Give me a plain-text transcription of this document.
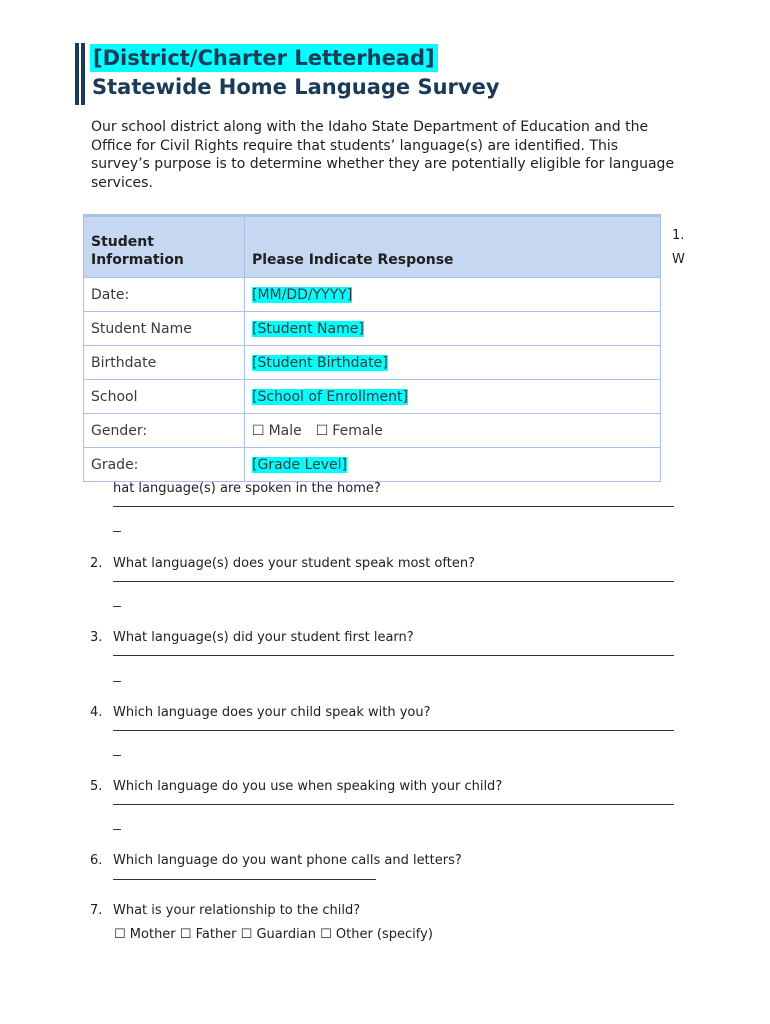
[District/Charter Letterhead]
Statewide Home Language Survey
Our school district along with the Idaho State Department of Education and the Office for Civil Rights require that students’ language(s) are identified. This survey’s purpose is to determine whether they are potentially eligible for language services.
Student Information	Please Indicate Response
Date:	[MM/DD/YYYY]
Student Name	[Student Name]
Birthdate	[Student Birthdate]
School	[School of Enrollment]
Gender:	☐ Male ☐ Female
Grade:	[Grade Level]
1.
W
hat language(s) are spoken in the home?
2. What language(s) does your student speak most often?
3. What language(s) did your student first learn?
4. Which language does your child speak with you?
5. Which language do you use when speaking with your child?
6. Which language do you want phone calls and letters?
7. What is your relationship to the child?
☐ Mother ☐ Father ☐ Guardian ☐ Other (specify)
